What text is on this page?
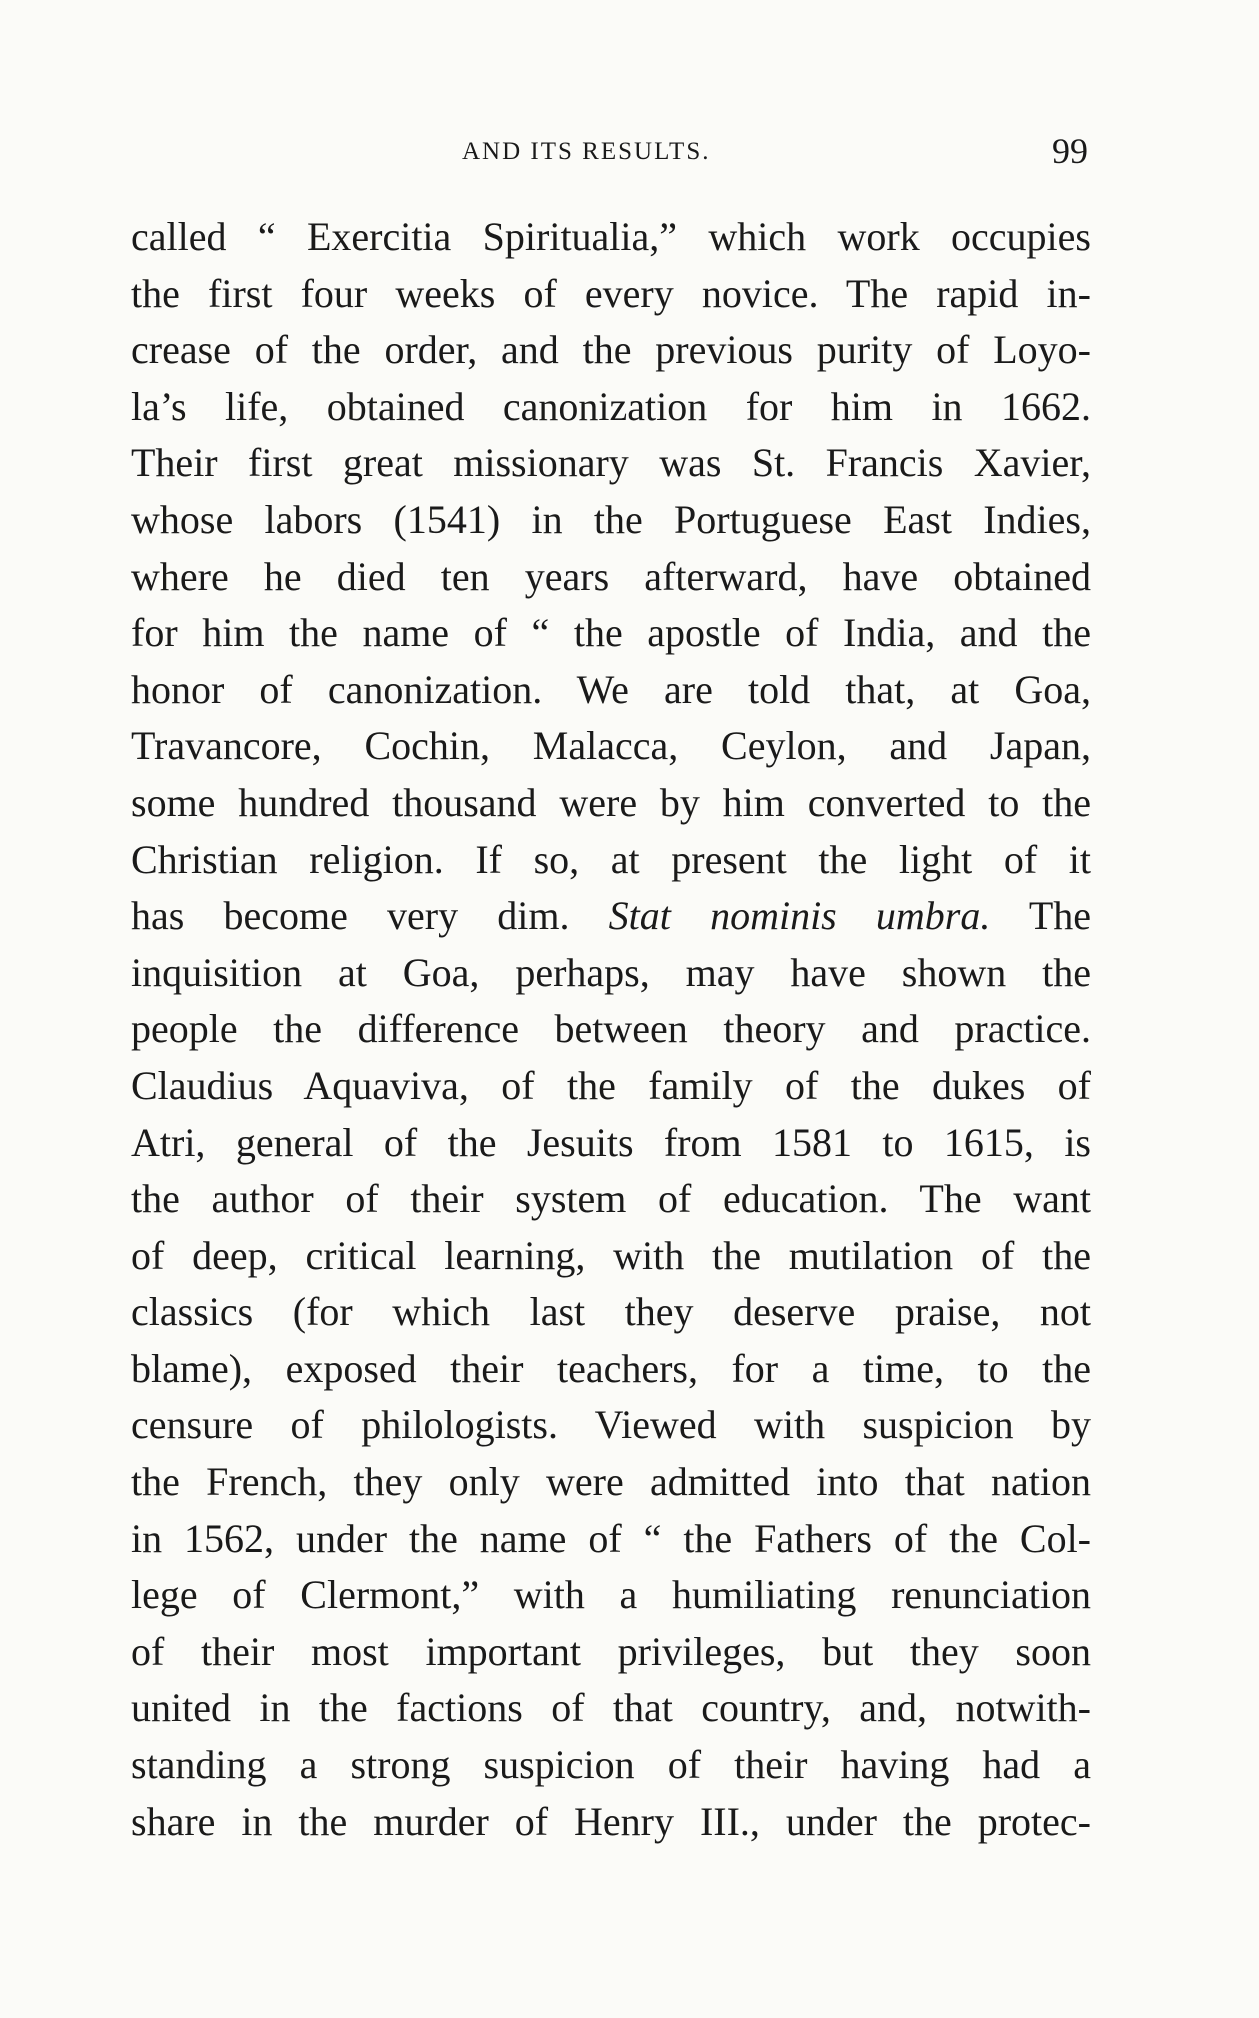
AND ITS RESULTS.	99
called “ Exercitia Spiritualia,” which work occupies
the first four weeks of every novice. The rapid in-
crease of the order, and the previous purity of Loyo-
la’s life, obtained canonization for him in 1662.
Their first great missionary was St. Francis Xavier,
whose labors (1541) in the Portuguese East Indies,
where he died ten years afterward, have obtained
for him the name of “ the apostle of India, and the
honor of canonization. We are told that, at Goa,
Travancore, Cochin, Malacca, Ceylon, and Japan,
some hundred thousand were by him converted to the
Christian religion. If so, at present the light of it
has become very dim. Stat nominis umbra. The
inquisition at Goa, perhaps, may have shown the
people the difference between theory and practice.
Claudius Aquaviva, of the family of the dukes of
Atri, general of the Jesuits from 1581 to 1615, is
the author of their system of education. The want
of deep, critical learning, with the mutilation of the
classics (for which last they deserve praise, not
blame), exposed their teachers, for a time, to the
censure of philologists. Viewed with suspicion by
the French, they only were admitted into that nation
in 1562, under the name of “ the Fathers of the Col-
lege of Clermont,” with a humiliating renunciation
of their most important privileges, but they soon
united in the factions of that country, and, notwith-
standing a strong suspicion of their having had a
share in the murder of Henry III., under the protec-
